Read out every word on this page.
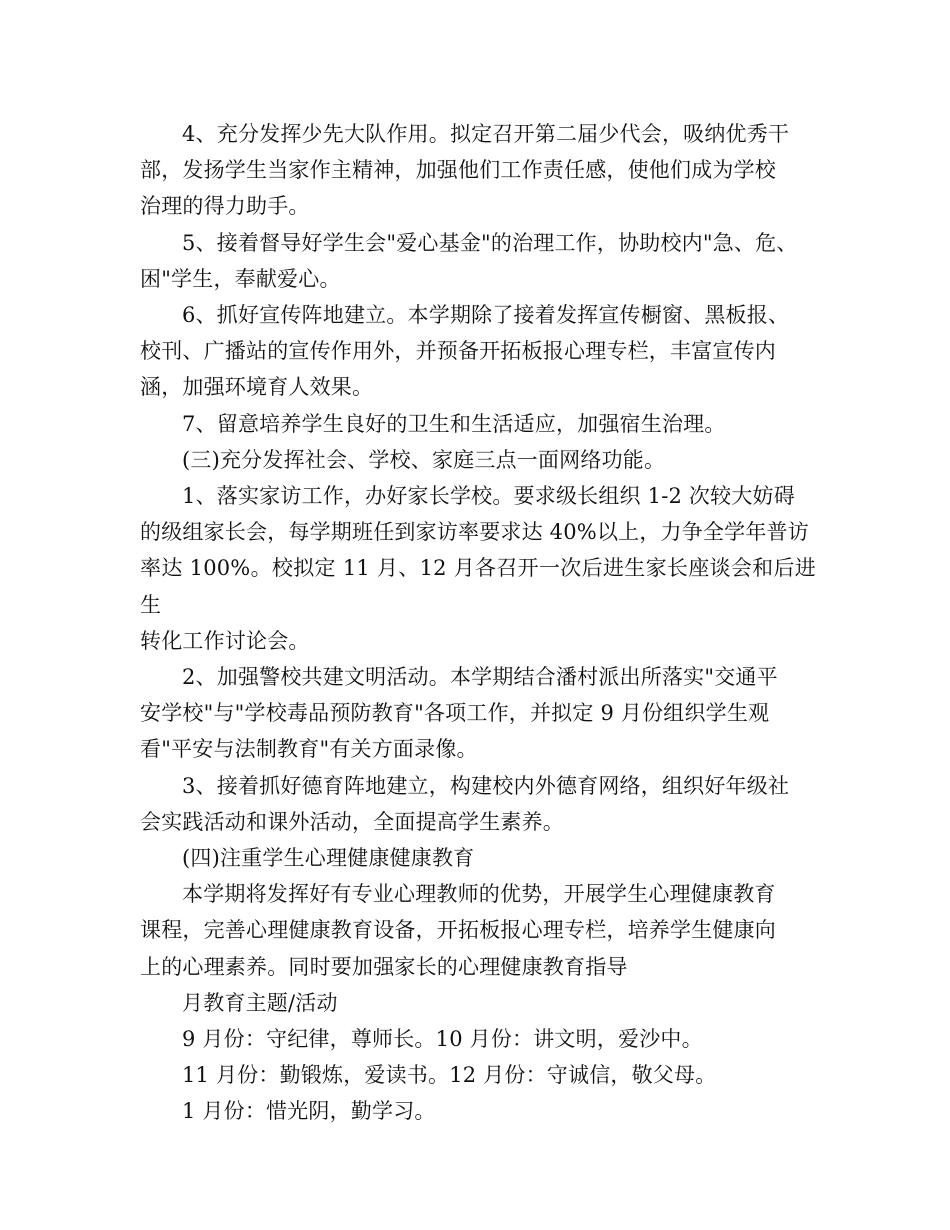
4、充分发挥少先大队作用。拟定召开第二届少代会，吸纳优秀干
部，发扬学生当家作主精神，加强他们工作责任感，使他们成为学校
治理的得力助手。

5、接着督导好学生会"爱心基金"的治理工作，协助校内"急、危、
困"学生，奉献爱心。

6、抓好宣传阵地建立。本学期除了接着发挥宣传橱窗、黑板报、
校刊、广播站的宣传作用外，并预备开拓板报心理专栏，丰富宣传内
涵，加强环境育人效果。

7、留意培养学生良好的卫生和生活适应，加强宿生治理。

(三)充分发挥社会、学校、家庭三点一面网络功能。

1、落实家访工作，办好家长学校。要求级长组织 1-2 次较大妨碍
的级组家长会，每学期班任到家访率要求达 40%以上，力争全学年普访
率达 100%。校拟定 11 月、12 月各召开一次后进生家长座谈会和后进生
转化工作讨论会。

2、加强警校共建文明活动。本学期结合潘村派出所落实"交通平
安学校"与"学校毒品预防教育"各项工作，并拟定 9 月份组织学生观
看"平安与法制教育"有关方面录像。

3、接着抓好德育阵地建立，构建校内外德育网络，组织好年级社
会实践活动和课外活动，全面提高学生素养。

(四)注重学生心理健康健康教育

本学期将发挥好有专业心理教师的优势，开展学生心理健康教育
课程，完善心理健康教育设备，开拓板报心理专栏，培养学生健康向
上的心理素养。同时要加强家长的心理健康教育指导

月教育主题/活动

9 月份：守纪律，尊师长。10 月份：讲文明，爱沙中。

11 月份：勤锻炼，爱读书。12 月份：守诚信，敬父母。

1 月份：惜光阴，勤学习。
